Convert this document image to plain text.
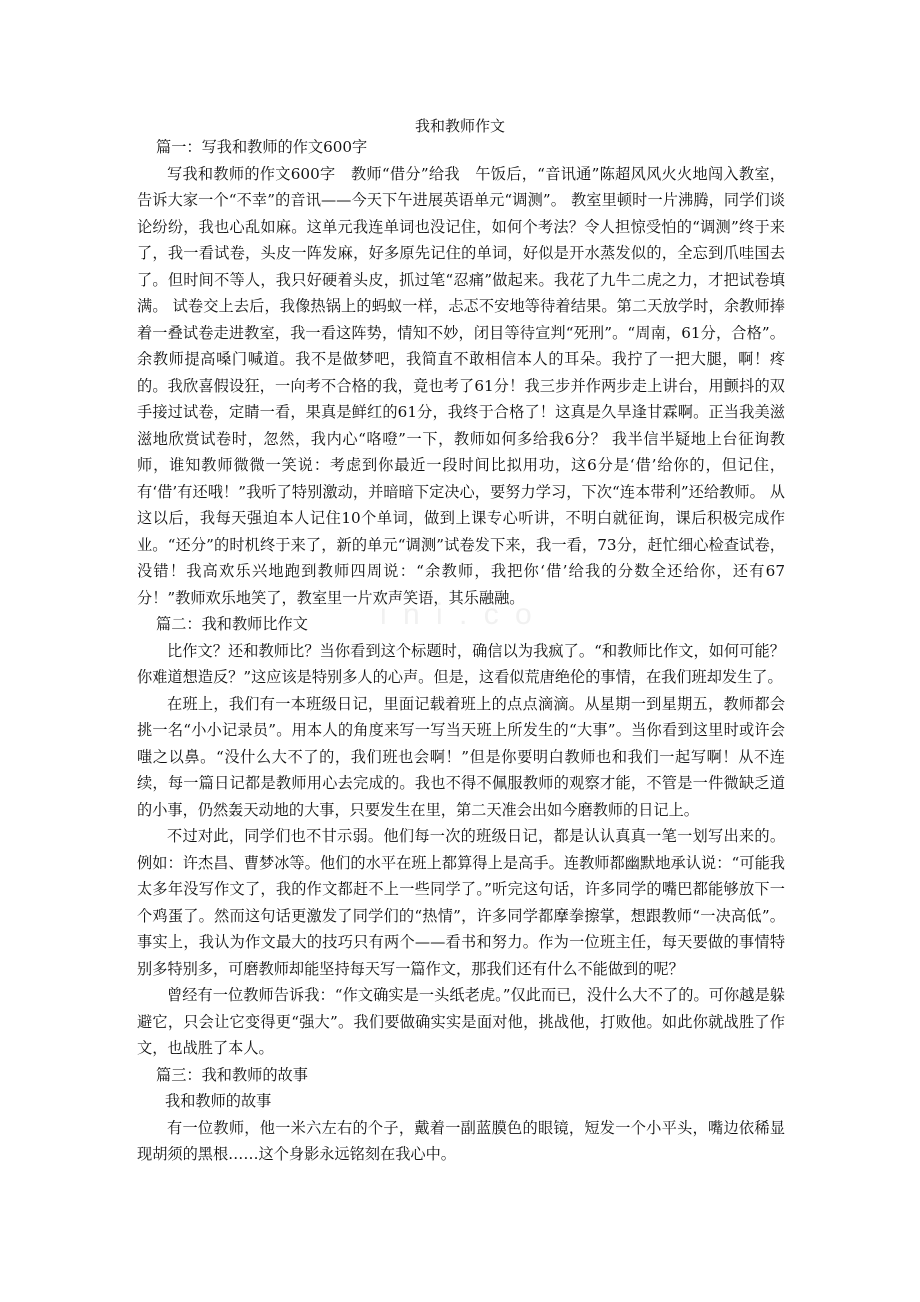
我和教师作文

篇一：写我和教师的作文600字

写我和教师的作文600字　教师“借分”给我　午饭后，“音讯通”陈超风风火火地闯入教室，告诉大家一个“不幸”的音讯——今天下午进展英语单元“调测”。 教室里顿时一片沸腾，同学们谈论纷纷，我也心乱如麻。这单元我连单词也没记住，如何个考法？令人担惊受怕的“调测”终于来了，我一看试卷，头皮一阵发麻，好多原先记住的单词，好似是开水蒸发似的，全忘到爪哇国去了。但时间不等人，我只好硬着头皮，抓过笔“忍痛”做起来。我花了九牛二虎之力，才把试卷填满。 试卷交上去后，我像热锅上的蚂蚁一样，忐忑不安地等待着结果。第二天放学时，余教师捧着一叠试卷走进教室，我一看这阵势，情知不妙，闭目等待宣判“死刑”。“周南，61分，合格”。余教师提高嗓门喊道。我不是做梦吧，我简直不敢相信本人的耳朵。我拧了一把大腿，啊！疼的。我欣喜假设狂，一向考不合格的我，竟也考了61分！我三步并作两步走上讲台，用颤抖的双手接过试卷，定睛一看，果真是鲜红的61分，我终于合格了！这真是久旱逢甘霖啊。正当我美滋滋地欣赏试卷时，忽然，我内心“咯噔”一下，教师如何多给我6分？ 我半信半疑地上台征询教师，谁知教师微微一笑说：考虑到你最近一段时间比拟用功，这6分是‘借’给你的，但记住，有‘借’有还哦！”我听了特别激动，并暗暗下定决心，要努力学习，下次“连本带利”还给教师。 从这以后，我每天强迫本人记住10个单词，做到上课专心听讲，不明白就征询，课后积极完成作业。“还分”的时机终于来了，新的单元“调测”试卷发下来，我一看，73分，赶忙细心检查试卷，没错！我高欢乐兴地跑到教师四周说：“余教师，我把你‘借’给我的分数全还给你，还有67分！”教师欢乐地笑了，教室里一片欢声笑语，其乐融融。

篇二：我和教师比作文

比作文？还和教师比？当你看到这个标题时，确信以为我疯了。“和教师比作文，如何可能？你难道想造反？”这应该是特别多人的心声。但是，这看似荒唐绝伦的事情，在我们班却发生了。

在班上，我们有一本班级日记，里面记载着班上的点点滴滴。从星期一到星期五，教师都会挑一名“小小记录员”。用本人的角度来写一写当天班上所发生的“大事”。当你看到这里时或许会嗤之以鼻。“没什么大不了的，我们班也会啊！”但是你要明白教师也和我们一起写啊！从不连续，每一篇日记都是教师用心去完成的。我也不得不佩服教师的观察才能，不管是一件微缺乏道的小事，仍然轰天动地的大事，只要发生在里，第二天准会出如今磨教师的日记上。

不过对此，同学们也不甘示弱。他们每一次的班级日记，都是认认真真一笔一划写出来的。例如：许杰昌、曹梦冰等。他们的水平在班上都算得上是高手。连教师都幽默地承认说：“可能我太多年没写作文了，我的作文都赶不上一些同学了。”听完这句话，许多同学的嘴巴都能够放下一个鸡蛋了。然而这句话更激发了同学们的“热情”，许多同学都摩拳擦掌，想跟教师“一决高低”。事实上，我认为作文最大的技巧只有两个——看书和努力。作为一位班主任，每天要做的事情特别多特别多，可磨教师却能坚持每天写一篇作文，那我们还有什么不能做到的呢？

曾经有一位教师告诉我：“作文确实是一头纸老虎。”仅此而已，没什么大不了的。可你越是躲避它，只会让它变得更“强大”。我们要做确实实是面对他，挑战他，打败他。如此你就战胜了作文，也战胜了本人。

篇三：我和教师的故事

我和教师的故事

有一位教师，他一米六左右的个子，戴着一副蓝膜色的眼镜，短发一个小平头，嘴边依稀显现胡须的黑根……这个身影永远铭刻在我心中。

i n i . c o
